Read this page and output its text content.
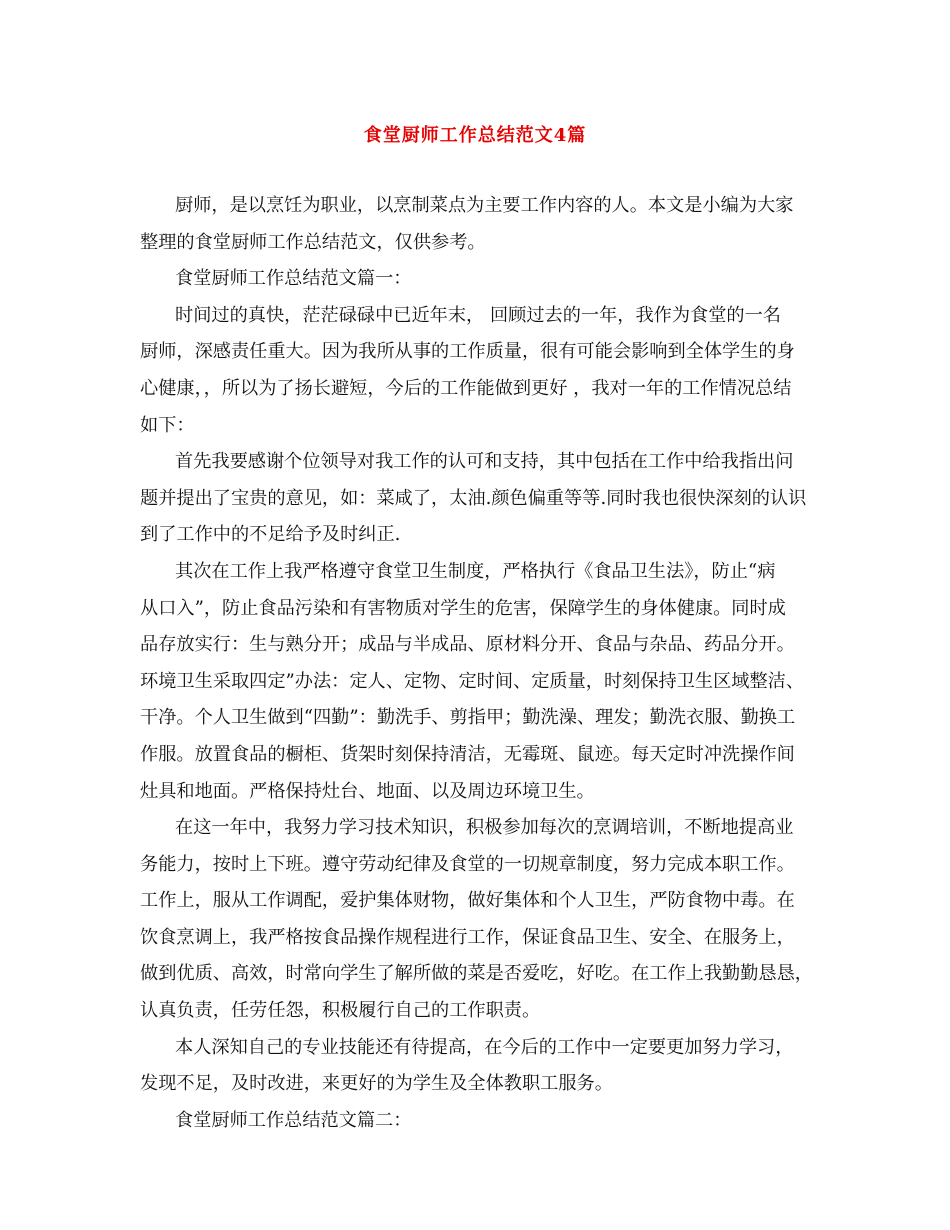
食堂厨师工作总结范文4篇
厨师，是以烹饪为职业，以烹制菜点为主要工作内容的人。本文是小编为大家
整理的食堂厨师工作总结范文，仅供参考。
食堂厨师工作总结范文篇一：
时间过的真快，茫茫碌碌中已近年末， 回顾过去的一年，我作为食堂的一名
厨师，深感责任重大。因为我所从事的工作质量，很有可能会影响到全体学生的身
心健康，，所以为了扬长避短，今后的工作能做到更好 ，我对一年的工作情况总结
如下：
首先我要感谢个位领导对我工作的认可和支持，其中包括在工作中给我指出问
题并提出了宝贵的意见，如：菜咸了，太油.颜色偏重等等.同时我也很快深刻的认识
到了工作中的不足给予及时纠正.
其次在工作上我严格遵守食堂卫生制度，严格执行《食品卫生法》，防止“病
从口入”，防止食品污染和有害物质对学生的危害，保障学生的身体健康。同时成
品存放实行：生与熟分开；成品与半成品、原材料分开、食品与杂品、药品分开。
环境卫生采取四定”办法：定人、定物、定时间、定质量，时刻保持卫生区域整洁、
干净。个人卫生做到“四勤”：勤洗手、剪指甲；勤洗澡、理发；勤洗衣服、勤换工
作服。放置食品的橱柜、货架时刻保持清洁，无霉斑、鼠迹。每天定时冲洗操作间
灶具和地面。严格保持灶台、地面、以及周边环境卫生。
在这一年中，我努力学习技术知识，积极参加每次的烹调培训，不断地提高业
务能力，按时上下班。遵守劳动纪律及食堂的一切规章制度，努力完成本职工作。
工作上，服从工作调配，爱护集体财物，做好集体和个人卫生，严防食物中毒。在
饮食烹调上，我严格按食品操作规程进行工作，保证食品卫生、安全、在服务上，
做到优质、高效，时常向学生了解所做的菜是否爱吃，好吃。在工作上我勤勤恳恳，
认真负责，任劳任怨，积极履行自己的工作职责。
本人深知自己的专业技能还有待提高，在今后的工作中一定要更加努力学习，
发现不足，及时改进，来更好的为学生及全体教职工服务。
食堂厨师工作总结范文篇二：
